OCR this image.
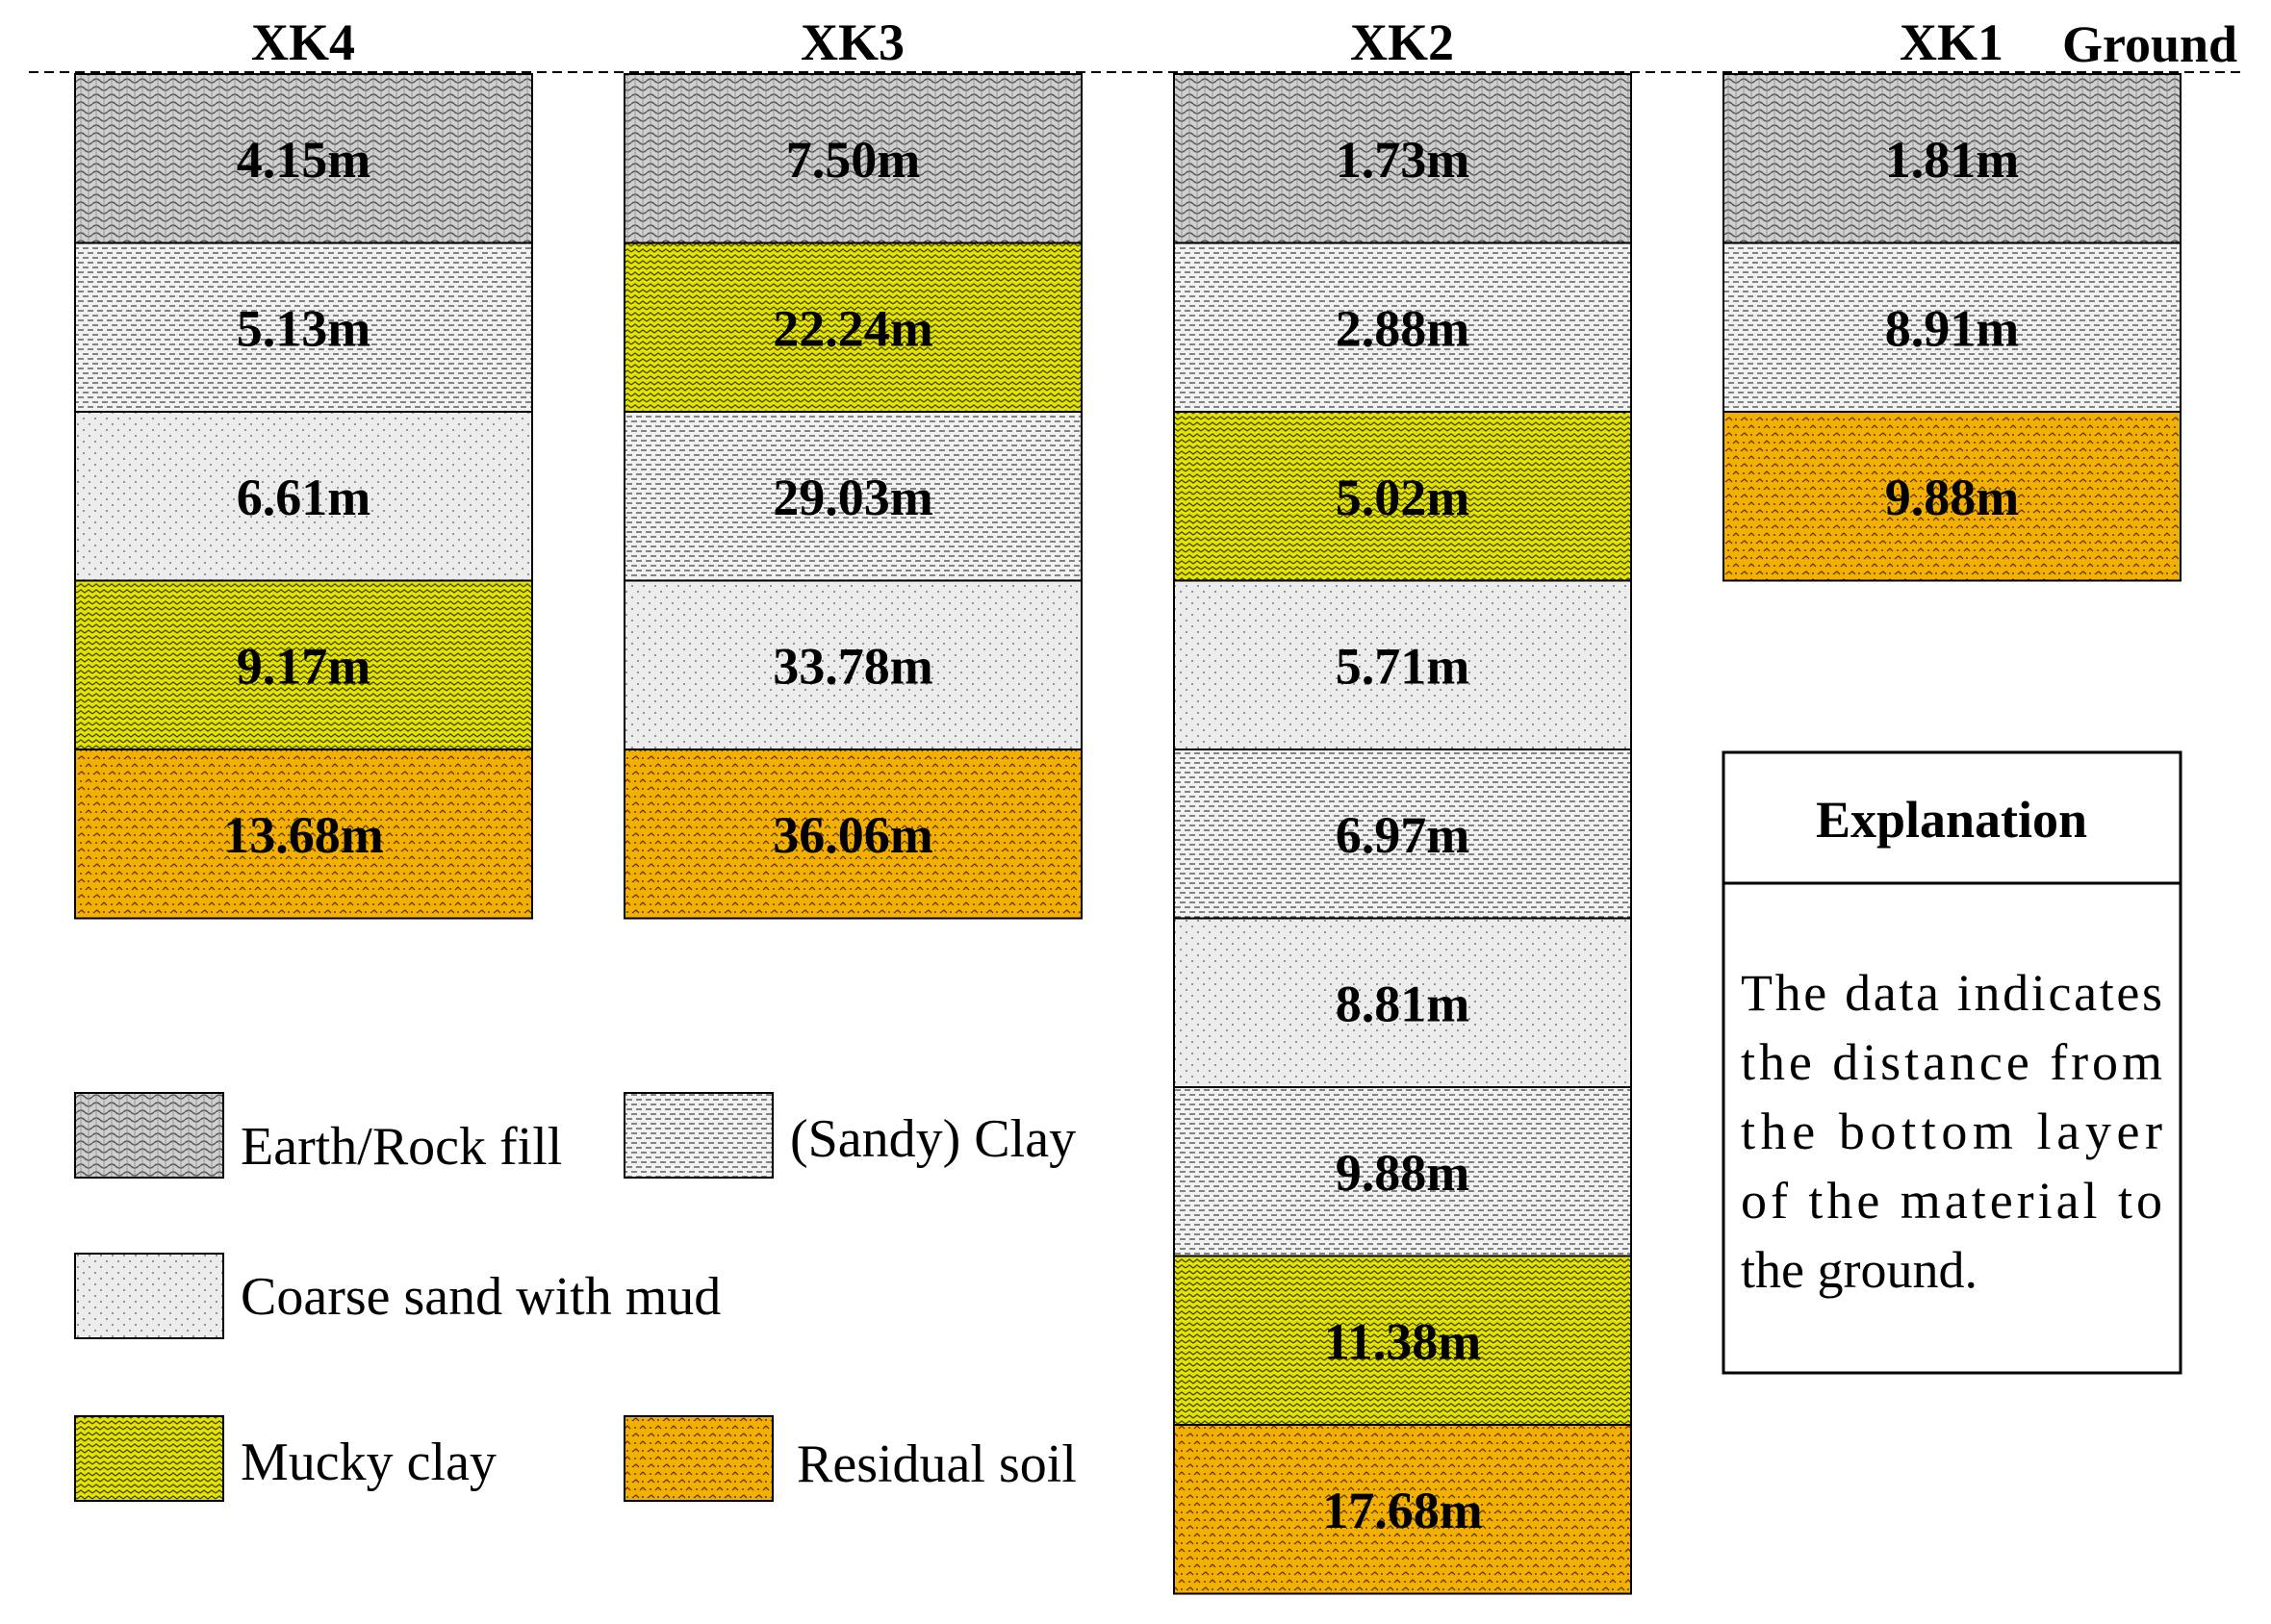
Ground
XK4	XK3	XK2	XK1
4.15m
5.13m
6.61m
9.17m
13.68m
7.50m
22.24m
29.03m
33.78m
36.06m
1.73m
2.88m
5.02m
5.71m
6.97m
8.81m
9.88m
11.38m
17.68m
1.81m
8.91m
9.88m
Earth/Rock fill	(Sandy) Clay
Coarse sand with mud
Mucky clay	Residual soil
Explanation
The data indicates
the distance from
the bottom layer
of the material to
the ground.
